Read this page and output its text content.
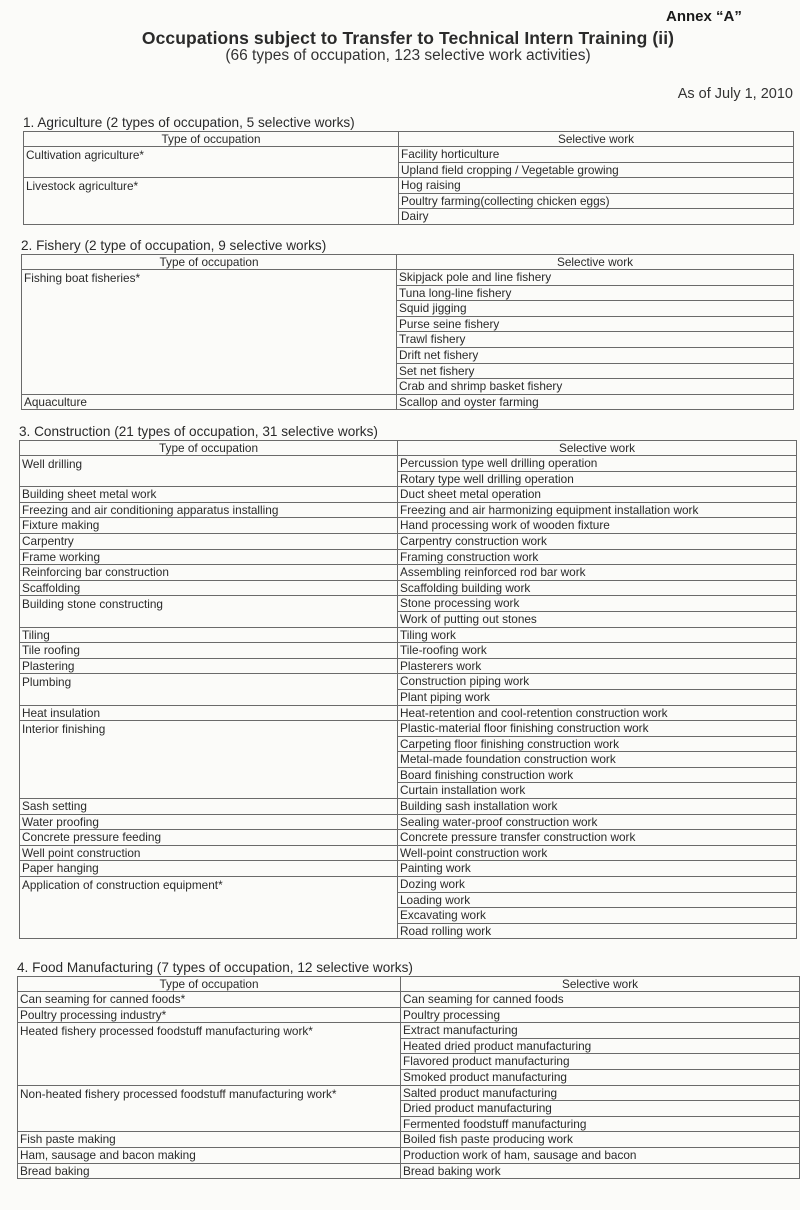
Annex “A”
Occupations subject to Transfer to Technical Intern Training (ii)
(66 types of occupation, 123 selective work activities)
As of July 1, 2010
1. Agriculture (2 types of occupation, 5 selective works)
Type of occupation	Selective work
Cultivation agriculture*	Facility horticulture
	Upland field cropping / Vegetable growing
Livestock agriculture*	Hog raising
	Poultry farming(collecting chicken eggs)
	Dairy
2. Fishery (2 type of occupation, 9 selective works)
Type of occupation	Selective work
Fishing boat fisheries*	Skipjack pole and line fishery
	Tuna long-line fishery
	Squid jigging
	Purse seine fishery
	Trawl fishery
	Drift net fishery
	Set net fishery
	Crab and shrimp basket fishery
Aquaculture	Scallop and oyster farming
3. Construction (21 types of occupation, 31 selective works)
Type of occupation	Selective work
Well drilling	Percussion type well drilling operation
	Rotary type well drilling operation
Building sheet metal work	Duct sheet metal operation
Freezing and air conditioning apparatus installing	Freezing and air harmonizing equipment installation work
Fixture making	Hand processing work of wooden fixture
Carpentry	Carpentry construction work
Frame working	Framing construction work
Reinforcing bar construction	Assembling reinforced rod bar work
Scaffolding	Scaffolding building work
Building stone constructing	Stone processing work
	Work of putting out stones
Tiling	Tiling work
Tile roofing	Tile-roofing work
Plastering	Plasterers work
Plumbing	Construction piping work
	Plant piping work
Heat insulation	Heat-retention and cool-retention construction work
Interior finishing	Plastic-material floor finishing construction work
	Carpeting floor finishing construction work
	Metal-made foundation construction work
	Board finishing construction work
	Curtain installation work
Sash setting	Building sash installation work
Water proofing	Sealing water-proof construction work
Concrete pressure feeding	Concrete pressure transfer construction work
Well point construction	Well-point construction work
Paper hanging	Painting work
Application of construction equipment*	Dozing work
	Loading work
	Excavating work
	Road rolling work
4. Food Manufacturing (7 types of occupation, 12 selective works)
Type of occupation	Selective work
Can seaming for canned foods*	Can seaming for canned foods
Poultry processing industry*	Poultry processing
Heated fishery processed foodstuff manufacturing work*	Extract manufacturing
	Heated dried product manufacturing
	Flavored product manufacturing
	Smoked product manufacturing
Non-heated fishery processed foodstuff manufacturing work*	Salted product manufacturing
	Dried product manufacturing
	Fermented foodstuff manufacturing
Fish paste making	Boiled fish paste producing work
Ham, sausage and bacon making	Production work of ham, sausage and bacon
Bread baking	Bread baking work
